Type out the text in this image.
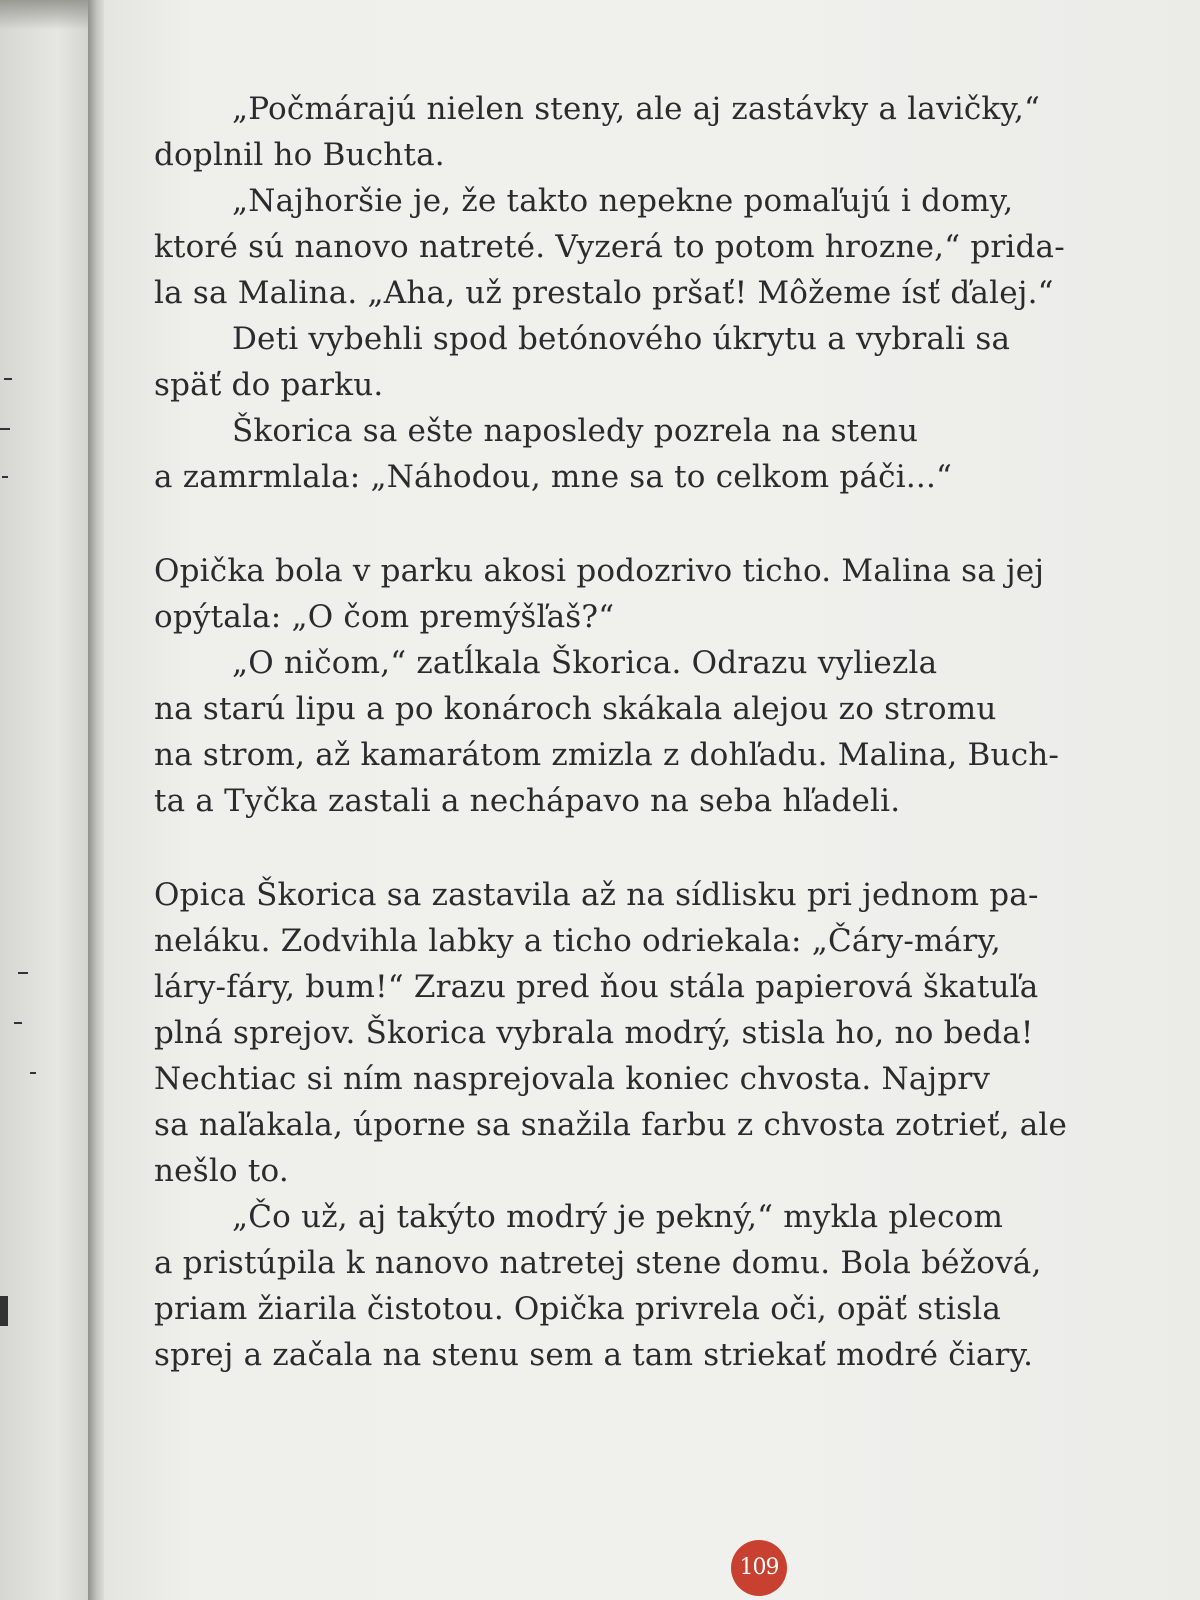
„Počmárajú nielen steny, ale aj zastávky a lavičky,“
doplnil ho Buchta.
„Najhoršie je, že takto nepekne pomaľujú i domy,
ktoré sú nanovo natreté. Vyzerá to potom hrozne,“ prida-
la sa Malina. „Aha, už prestalo pršať! Môžeme ísť ďalej.“
Deti vybehli spod betónového úkrytu a vybrali sa
späť do parku.
Škorica sa ešte naposledy pozrela na stenu
a zamrmlala: „Náhodou, mne sa to celkom páči...“
Opička bola v parku akosi podozrivo ticho. Malina sa jej
opýtala: „O čom premýšľaš?“
„O ničom,“ zatĺkala Škorica. Odrazu vyliezla
na starú lipu a po konároch skákala alejou zo stromu
na strom, až kamarátom zmizla z dohľadu. Malina, Buch-
ta a Tyčka zastali a nechápavo na seba hľadeli.
Opica Škorica sa zastavila až na sídlisku pri jednom pa-
neláku. Zodvihla labky a ticho odriekala: „Čáry-máry,
láry-fáry, bum!“ Zrazu pred ňou stála papierová škatuľa
plná sprejov. Škorica vybrala modrý, stisla ho, no beda!
Nechtiac si ním nasprejovala koniec chvosta. Najprv
sa naľakala, úporne sa snažila farbu z chvosta zotrieť, ale
nešlo to.
„Čo už, aj takýto modrý je pekný,“ mykla plecom
a pristúpila k nanovo natretej stene domu. Bola béžová,
priam žiarila čistotou. Opička privrela oči, opäť stisla
sprej a začala na stenu sem a tam striekať modré čiary.
109
